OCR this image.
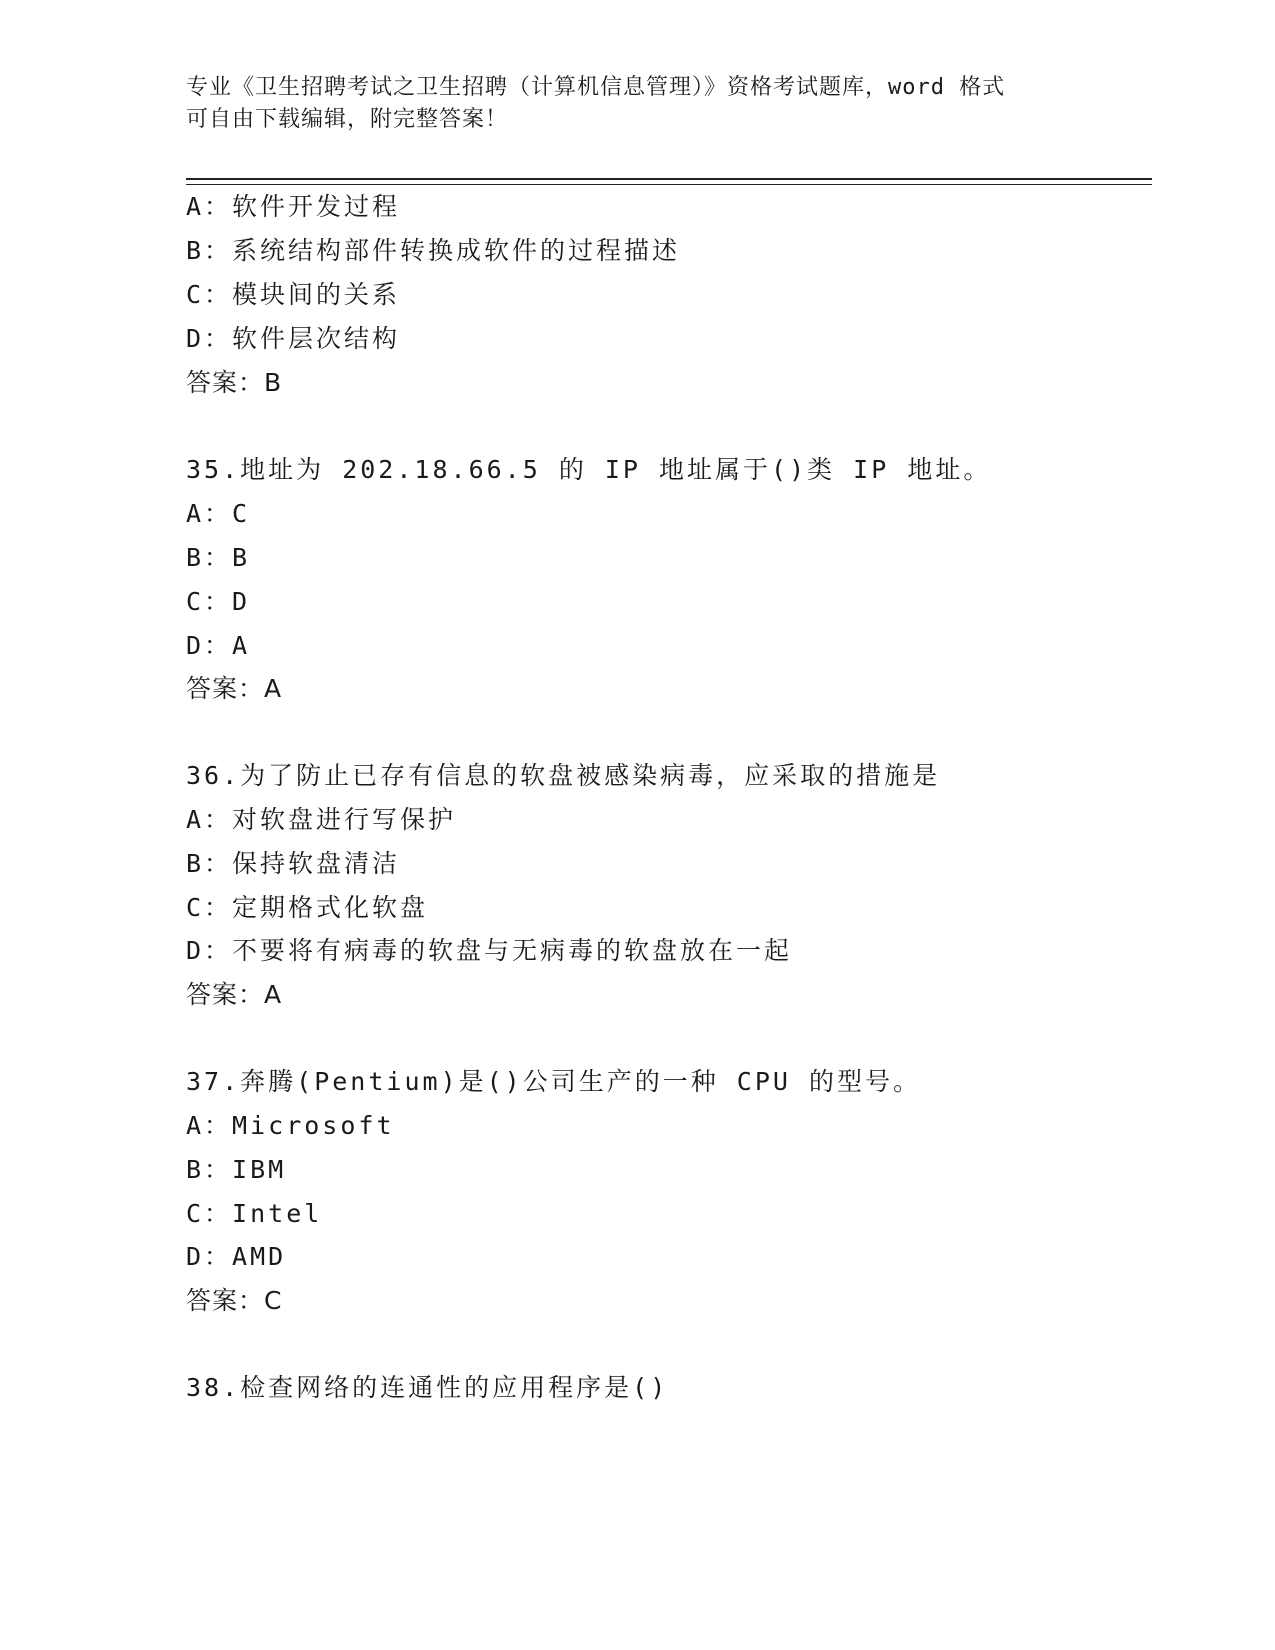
专业《卫生招聘考试之卫生招聘（计算机信息管理）》资格考试题库，word 格式
可自由下载编辑，附完整答案！
A：软件开发过程
B：系统结构部件转换成软件的过程描述
C：模块间的关系
D：软件层次结构
答案：B
35.地址为 202.18.66.5 的 IP 地址属于()类 IP 地址。
A：C
B：B
C：D
D：A
答案：A
36.为了防止已存有信息的软盘被感染病毒，应采取的措施是
A：对软盘进行写保护
B：保持软盘清洁
C：定期格式化软盘
D：不要将有病毒的软盘与无病毒的软盘放在一起
答案：A
37.奔腾(Pentium)是()公司生产的一种 CPU 的型号。
A：Microsoft
B：IBM
C：Intel
D：AMD
答案：C
38.检查网络的连通性的应用程序是()
